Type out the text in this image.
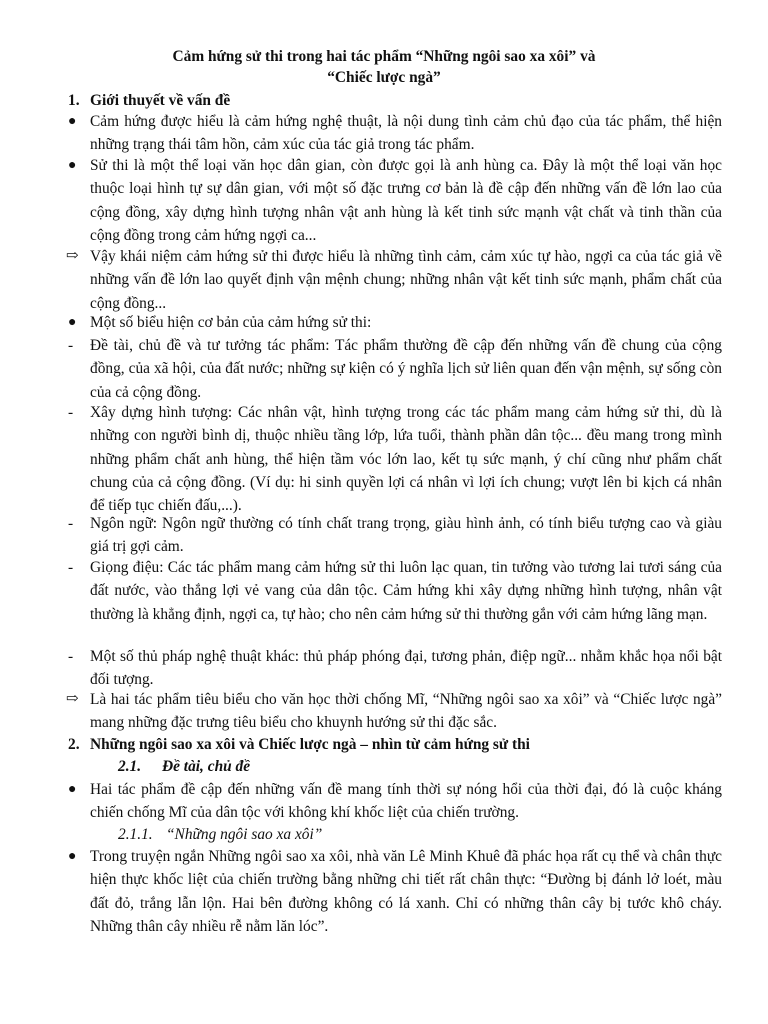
Cảm hứng sử thi trong hai tác phẩm “Những ngôi sao xa xôi” và
“Chiếc lược ngà”
1. Giới thuyết về vấn đề
● Cảm hứng được hiểu là cảm hứng nghệ thuật, là nội dung tình cảm chủ đạo của tác phẩm, thể hiện những trạng thái tâm hồn, cảm xúc của tác giả trong tác phẩm.
● Sử thi là một thể loại văn học dân gian, còn được gọi là anh hùng ca. Đây là một thể loại văn học thuộc loại hình tự sự dân gian, với một số đặc trưng cơ bản là đề cập đến những vấn đề lớn lao của cộng đồng, xây dựng hình tượng nhân vật anh hùng là kết tinh sức mạnh vật chất và tinh thần của cộng đồng trong cảm hứng ngợi ca...
⇨ Vậy khái niệm cảm hứng sử thi được hiểu là những tình cảm, cảm xúc tự hào, ngợi ca của tác giả về những vấn đề lớn lao quyết định vận mệnh chung; những nhân vật kết tinh sức mạnh, phẩm chất của cộng đồng...
● Một số biểu hiện cơ bản của cảm hứng sử thi:
-	Đề tài, chủ đề và tư tưởng tác phẩm: Tác phẩm thường đề cập đến những vấn đề chung của cộng đồng, của xã hội, của đất nước; những sự kiện có ý nghĩa lịch sử liên quan đến vận mệnh, sự sống còn của cả cộng đồng.
-	Xây dựng hình tượng: Các nhân vật, hình tượng trong các tác phẩm mang cảm hứng sử thi, dù là những con người bình dị, thuộc nhiều tầng lớp, lứa tuổi, thành phần dân tộc... đều mang trong mình những phẩm chất anh hùng, thể hiện tầm vóc lớn lao, kết tụ sức mạnh, ý chí cũng như phẩm chất chung của cả cộng đồng. (Ví dụ: hi sinh quyền lợi cá nhân vì lợi ích chung; vượt lên bi kịch cá nhân để tiếp tục chiến đấu,...).
-	Ngôn ngữ: Ngôn ngữ thường có tính chất trang trọng, giàu hình ảnh, có tính biểu tượng cao và giàu giá trị gợi cảm.
-	Giọng điệu: Các tác phẩm mang cảm hứng sử thi luôn lạc quan, tin tưởng vào tương lai tươi sáng của đất nước, vào thắng lợi vẻ vang của dân tộc. Cảm hứng khi xây dựng những hình tượng, nhân vật thường là khẳng định, ngợi ca, tự hào; cho nên cảm hứng sử thi thường gắn với cảm hứng lãng mạn.
-	Một số thủ pháp nghệ thuật khác: thủ pháp phóng đại, tương phản, điệp ngữ... nhằm khắc họa nổi bật đối tượng.
⇨ Là hai tác phẩm tiêu biểu cho văn học thời chống Mĩ, “Những ngôi sao xa xôi” và “Chiếc lược ngà” mang những đặc trưng tiêu biểu cho khuynh hướng sử thi đặc sắc.
2. Những ngôi sao xa xôi và Chiếc lược ngà – nhìn từ cảm hứng sử thi
2.1. Đề tài, chủ đề
● Hai tác phẩm đề cập đến những vấn đề mang tính thời sự nóng hổi của thời đại, đó là cuộc kháng chiến chống Mĩ của dân tộc với không khí khốc liệt của chiến trường.
2.1.1. “Những ngôi sao xa xôi”
● Trong truyện ngắn Những ngôi sao xa xôi, nhà văn Lê Minh Khuê đã phác họa rất cụ thể và chân thực hiện thực khốc liệt của chiến trường bằng những chi tiết rất chân thực: “Đường bị đánh lở loét, màu đất đỏ, trắng lẫn lộn. Hai bên đường không có lá xanh. Chỉ có những thân cây bị tước khô cháy. Những thân cây nhiều rễ nằm lăn lóc”.
